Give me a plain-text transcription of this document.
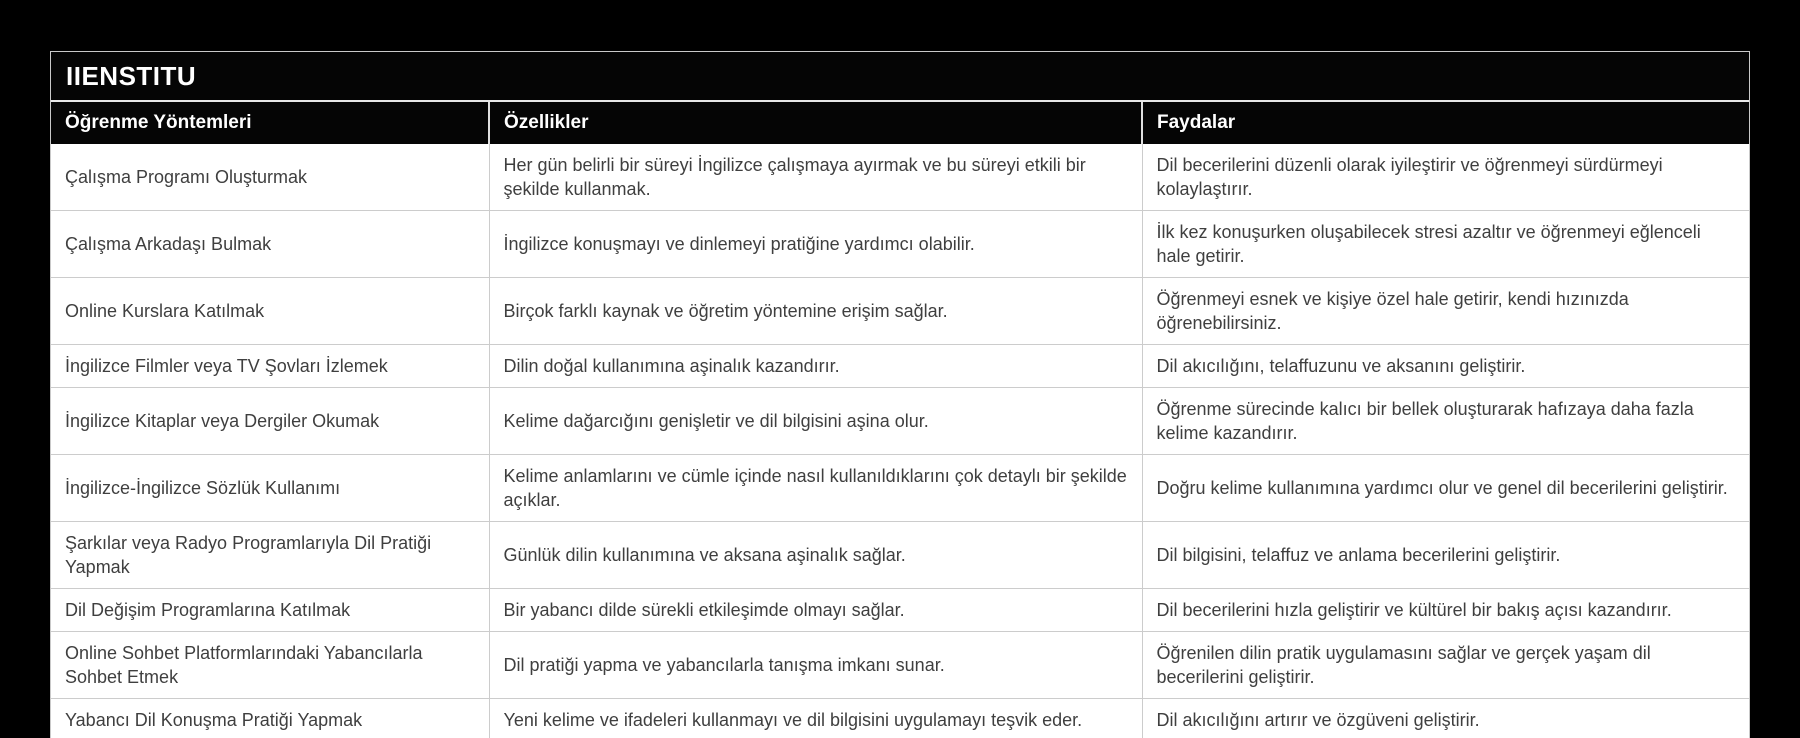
IIENSTITU
Öğrenme Yöntemleri	Özellikler	Faydalar
Çalışma Programı Oluşturmak	Her gün belirli bir süreyi İngilizce çalışmaya ayırmak ve bu süreyi etkili bir şekilde kullanmak.	Dil becerilerini düzenli olarak iyileştirir ve öğrenmeyi sürdürmeyi kolaylaştırır.
Çalışma Arkadaşı Bulmak	İngilizce konuşmayı ve dinlemeyi pratiğine yardımcı olabilir.	İlk kez konuşurken oluşabilecek stresi azaltır ve öğrenmeyi eğlenceli hale getirir.
Online Kurslara Katılmak	Birçok farklı kaynak ve öğretim yöntemine erişim sağlar.	Öğrenmeyi esnek ve kişiye özel hale getirir, kendi hızınızda öğrenebilirsiniz.
İngilizce Filmler veya TV Şovları İzlemek	Dilin doğal kullanımına aşinalık kazandırır.	Dil akıcılığını, telaffuzunu ve aksanını geliştirir.
İngilizce Kitaplar veya Dergiler Okumak	Kelime dağarcığını genişletir ve dil bilgisini aşina olur.	Öğrenme sürecinde kalıcı bir bellek oluşturarak hafızaya daha fazla kelime kazandırır.
İngilizce-İngilizce Sözlük Kullanımı	Kelime anlamlarını ve cümle içinde nasıl kullanıldıklarını çok detaylı bir şekilde açıklar.	Doğru kelime kullanımına yardımcı olur ve genel dil becerilerini geliştirir.
Şarkılar veya Radyo Programlarıyla Dil Pratiği Yapmak	Günlük dilin kullanımına ve aksana aşinalık sağlar.	Dil bilgisini, telaffuz ve anlama becerilerini geliştirir.
Dil Değişim Programlarına Katılmak	Bir yabancı dilde sürekli etkileşimde olmayı sağlar.	Dil becerilerini hızla geliştirir ve kültürel bir bakış açısı kazandırır.
Online Sohbet Platformlarındaki Yabancılarla Sohbet Etmek	Dil pratiği yapma ve yabancılarla tanışma imkanı sunar.	Öğrenilen dilin pratik uygulamasını sağlar ve gerçek yaşam dil becerilerini geliştirir.
Yabancı Dil Konuşma Pratiği Yapmak	Yeni kelime ve ifadeleri kullanmayı ve dil bilgisini uygulamayı teşvik eder.	Dil akıcılığını artırır ve özgüveni geliştirir.
